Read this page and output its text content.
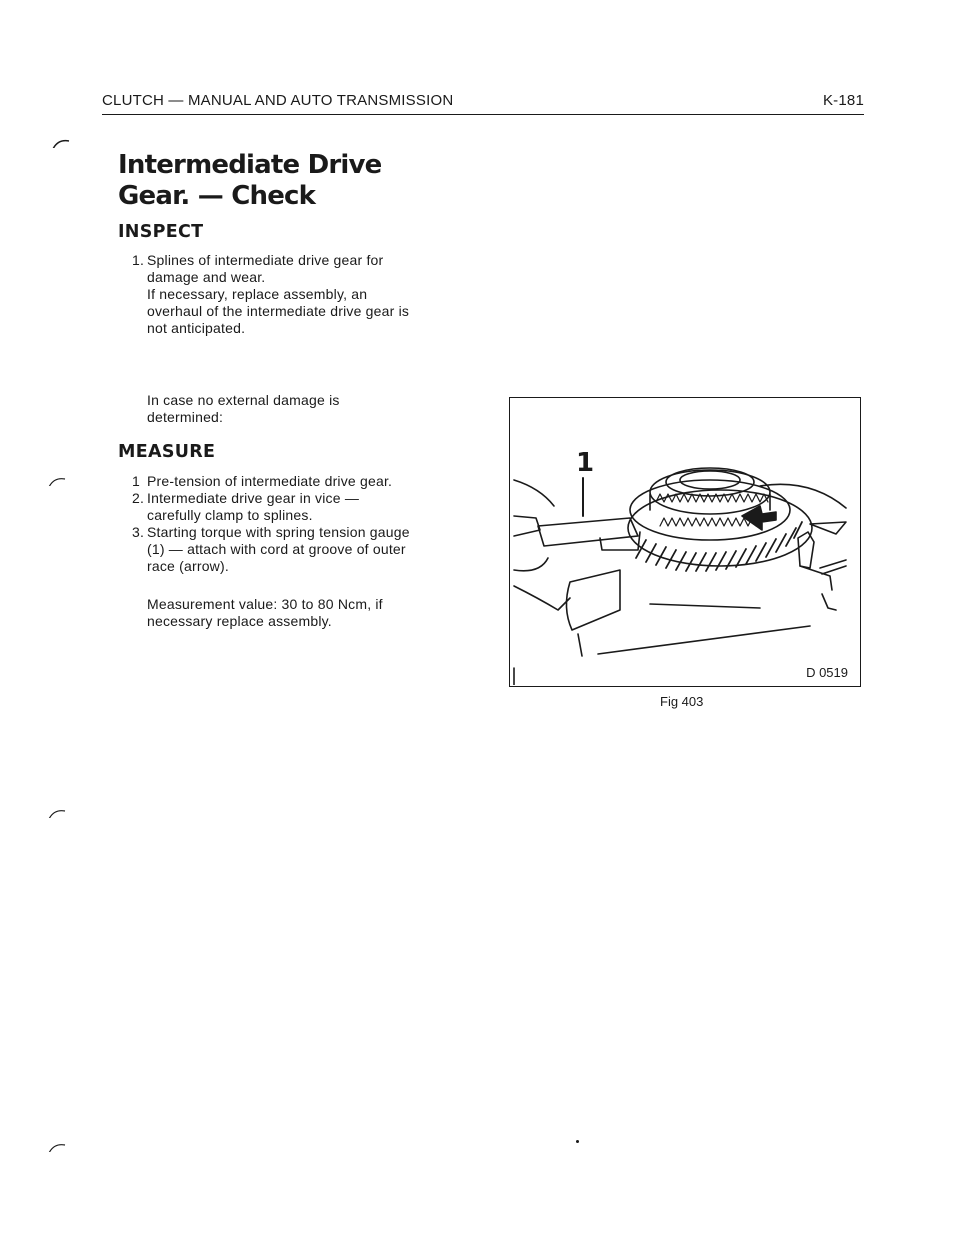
CLUTCH — MANUAL AND AUTO TRANSMISSION	K-181
Intermediate Drive
Gear. — Check
INSPECT
1. Splines of intermediate drive gear for
damage and wear.
If necessary, replace assembly, an
overhaul of the intermediate drive gear is
not anticipated.
In case no external damage is
determined:
MEASURE
1 Pre-tension of intermediate drive gear.
2. Intermediate drive gear in vice —
carefully clamp to splines.
3. Starting torque with spring tension gauge
(1) — attach with cord at groove of outer
race (arrow).
Measurement value: 30 to 80 Ncm, if
necessary replace assembly.
1
D 0519
Fig 403
